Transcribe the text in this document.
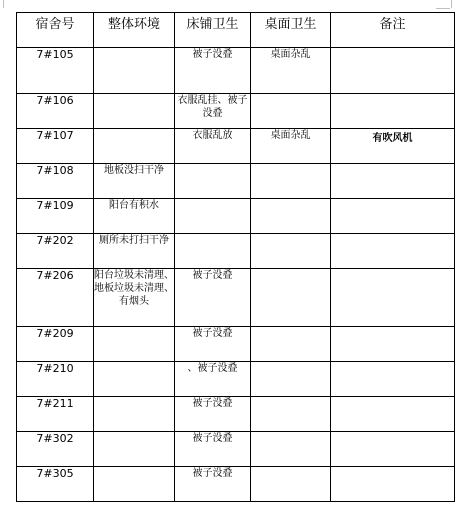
宿舍号	整体环境	床铺卫生	桌面卫生	备注
7#105		被子没叠	桌面杂乱	
7#106		衣服乱挂、被子没叠		
7#107		衣服乱放	桌面杂乱	有吹风机
7#108	地板没扫干净			
7#109	阳台有积水			
7#202	厕所未打扫干净			
7#206	阳台垃圾未清理、地板垃圾未清理、有烟头	被子没叠		
7#209		被子没叠		
7#210		、被子没叠		
7#211		被子没叠		
7#302		被子没叠		
7#305		被子没叠		
